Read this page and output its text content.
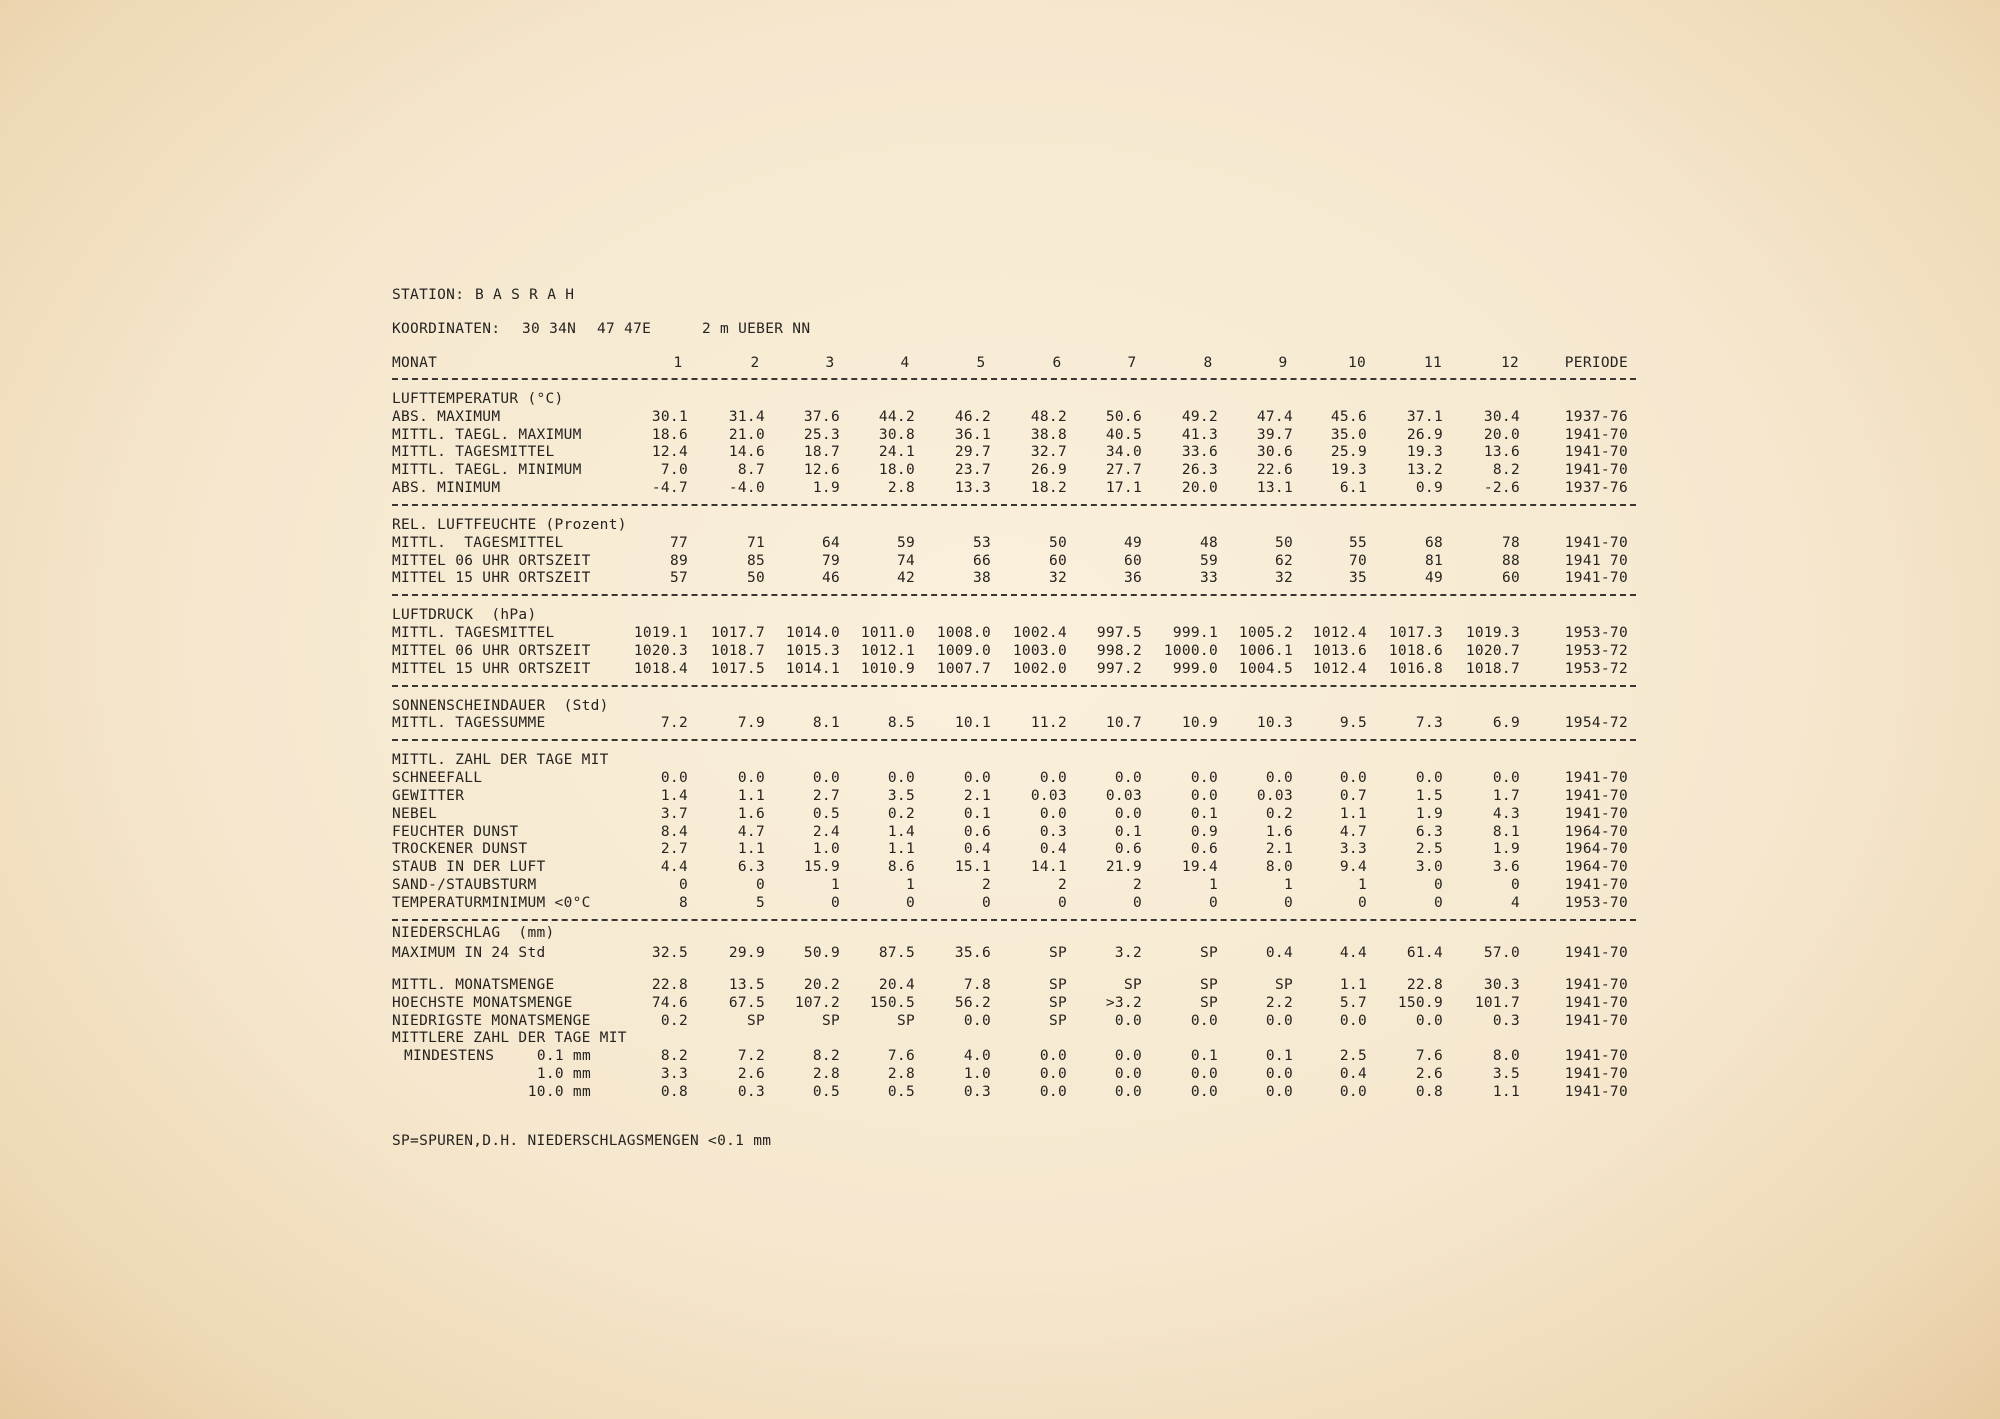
STATION: B A S R A H
KOORDINATEN: 30 34N 47 47E	2 m UEBER NN
MONAT	1	2	3	4	5	6	7	8	9	10	11	12	PERIODE
LUFTTEMPERATUR (°C)
ABS. MAXIMUM	30.1	31.4	37.6	44.2	46.2	48.2	50.6	49.2	47.4	45.6	37.1	30.4	1937-76
MITTL. TAEGL. MAXIMUM	18.6	21.0	25.3	30.8	36.1	38.8	40.5	41.3	39.7	35.0	26.9	20.0	1941-70
MITTL. TAGESMITTEL	12.4	14.6	18.7	24.1	29.7	32.7	34.0	33.6	30.6	25.9	19.3	13.6	1941-70
MITTL. TAEGL. MINIMUM	7.0	8.7	12.6	18.0	23.7	26.9	27.7	26.3	22.6	19.3	13.2	8.2	1941-70
ABS. MINIMUM	-4.7	-4.0	1.9	2.8	13.3	18.2	17.1	20.0	13.1	6.1	0.9	-2.6	1937-76
REL. LUFTFEUCHTE (Prozent)
MITTL.  TAGESMITTEL	77	71	64	59	53	50	49	48	50	55	68	78	1941-70
MITTEL 06 UHR ORTSZEIT	89	85	79	74	66	60	60	59	62	70	81	88	1941 70
MITTEL 15 UHR ORTSZEIT	57	50	46	42	38	32	36	33	32	35	49	60	1941-70
LUFTDRUCK  (hPa)
MITTL. TAGESMITTEL	1019.1 1017.7 1014.0 1011.0 1008.0 1002.4 997.5 999.1 1005.2 1012.4 1017.3 1019.3	1953-70
MITTEL 06 UHR ORTSZEIT	1020.3 1018.7 1015.3 1012.1 1009.0 1003.0 998.2 1000.0 1006.1 1013.6 1018.6 1020.7	1953-72
MITTEL 15 UHR ORTSZEIT	1018.4 1017.5 1014.1 1010.9 1007.7 1002.0 997.2 999.0 1004.5 1012.4 1016.8 1018.7	1953-72
SONNENSCHEINDAUER  (Std)
MITTL. TAGESSUMME	7.2	7.9	8.1	8.5	10.1	11.2	10.7	10.9	10.3	9.5	7.3	6.9	1954-72
MITTL. ZAHL DER TAGE MIT
SCHNEEFALL	0.0	0.0	0.0	0.0	0.0	0.0	0.0	0.0	0.0	0.0	0.0	0.0	1941-70
GEWITTER	1.4	1.1	2.7	3.5	2.1	0.03	0.03	0.0	0.03	0.7	1.5	1.7	1941-70
NEBEL	3.7	1.6	0.5	0.2	0.1	0.0	0.0	0.1	0.2	1.1	1.9	4.3	1941-70
FEUCHTER DUNST	8.4	4.7	2.4	1.4	0.6	0.3	0.1	0.9	1.6	4.7	6.3	8.1	1964-70
TROCKENER DUNST	2.7	1.1	1.0	1.1	0.4	0.4	0.6	0.6	2.1	3.3	2.5	1.9	1964-70
STAUB IN DER LUFT	4.4	6.3	15.9	8.6	15.1	14.1	21.9	19.4	8.0	9.4	3.0	3.6	1964-70
SAND-/STAUBSTURM	0	0	1	1	2	2	2	1	1	1	0	0	1941-70
TEMPERATURMINIMUM <0°C	8	5	0	0	0	0	0	0	0	0	0	4	1953-70
NIEDERSCHLAG  (mm)
MAXIMUM IN 24 Std	32.5	29.9	50.9	87.5	35.6	SP	3.2	SP	0.4	4.4	61.4	57.0	1941-70
MITTL. MONATSMENGE	22.8	13.5	20.2	20.4	7.8	SP	SP	SP	SP	1.1	22.8	30.3	1941-70
HOECHSTE MONATSMENGE	74.6	67.5 107.2 150.5	56.2	SP	>3.2	SP	2.2	5.7 150.9 101.7	1941-70
NIEDRIGSTE MONATSMENGE	0.2	SP	SP	SP	0.0	SP	0.0	0.0	0.0	0.0	0.0	0.3	1941-70
MITTLERE ZAHL DER TAGE MIT
MINDESTENS	0.1 mm	8.2	7.2	8.2	7.6	4.0	0.0	0.0	0.1	0.1	2.5	7.6	8.0	1941-70
1.0 mm	3.3	2.6	2.8	2.8	1.0	0.0	0.0	0.0	0.0	0.4	2.6	3.5	1941-70
10.0 mm	0.8	0.3	0.5	0.5	0.3	0.0	0.0	0.0	0.0	0.0	0.8	1.1	1941-70
SP=SPUREN,D.H. NIEDERSCHLAGSMENGEN <0.1 mm
